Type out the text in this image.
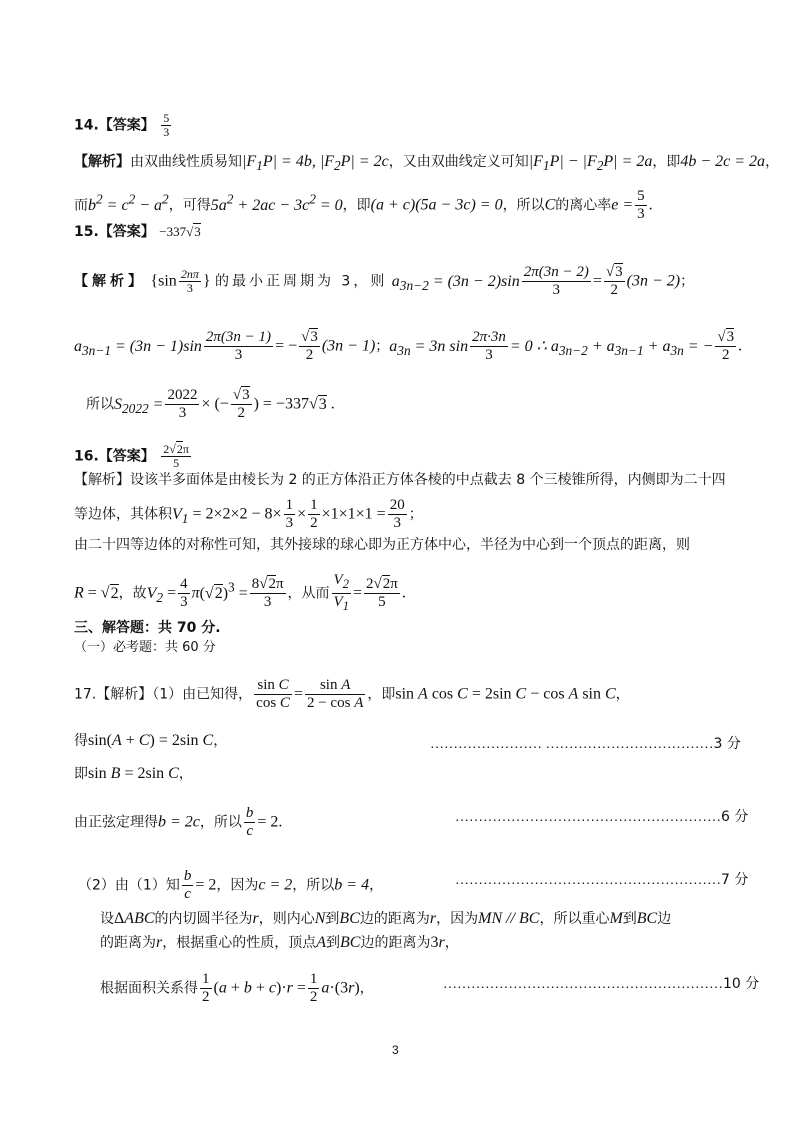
14.【答案】 $\frac{5}{3}$
【解析】由双曲线性质易知$|F_1P| = 4b$, $|F_2P| = 2c$，又由双曲线定义可知$|F_1P| - |F_2P| = 2a$，即4b − 2c = 2a，
而$b^2 = c^2 - a^2$，可得$5a^2 + 2ac - 3c^2 = 0$，即(a + c)(5a − 3c) = 0，所以C的离心率$e = \frac{5}{3}$ .
15.【答案】 −337√3
【解析】 {$\sin \frac{2n\pi}{3}$ } 的最小正周期为 3，则 $a_{3n-2} = (3n - 2)\sin \frac{2\pi(3n - 2)}{3} = \frac{√3}{2} (3n - 2)$；
$a_{3n-1} = (3n - 1)\sin \frac{2\pi(3n - 1)}{3}$ = − $\frac{√3}{2} (3n - 1)$；$a_{3n} = 3n$ $\sin \frac{2\pi\cdot 3n}{3} = 0$ ∴ $a_{3n-2} + a_{3n-1} + a_{3n}$ = − $\frac{√3}{2}$ .
所以$S_{2022} = \frac{2022}{3}$ × (− $\frac{√3}{2}$ ) = −337√3 .
16.【答案】 $\frac{2√2\pi}{5}$
【解析】设该半多面体是由棱长为 2 的正方体沿正方体各棱的中点截去 8 个三棱锥所得，内侧即为二十四
等边体，其体积$V_1 = 2\times 2\times 2 - 8\times \frac{1}{3} \times \frac{1}{2} \times 1\times 1\times 1 = \frac{20}{3}$ ；
由二十四等边体的对称性可知，其外接球的球心即为正方体中心，半径为中心到一个顶点的距离，则
R = √2，故$V_2 = \frac{4}{3} \pi(√2)^3 = \frac{8√2\pi}{3}$ ，从而 $\frac{V_2}{V_1} = \frac{2√2\pi}{5}$ .
三、解答题：共 70 分.
（一）必考题：共 60 分
17.【解析】（1）由已知得， $\frac{\text{sin C}}{\text{cos C}} = \frac{\text{sin A}}{\text{2 − cos A}}$ ，即sin A cos C = 2sin C − cos A sin C，
得sin(A + C) = 2sin C，	…………………… ………………………………3 分
即sin B = 2sin C，
由正弦定理得b = 2c，所以 $\frac{b}{c} = 2$.	…………………………………………………6 分
（2）由（1）知 $\frac{b}{c} = 2$，因为c = 2，所以b = 4，	…………………………………………………7 分
设ΔABC的内切圆半径为r，则内心N到BC边的距离为r，因为MN // BC，所以重心M到BC边
的距离为r，根据重心的性质，顶点A到BC边的距离为3r，
根据面积关系得 $\frac{1}{2} (a + b + c)\cdot r = \frac{1}{2} a\cdot(3r)$，	……………………………………………………10 分
3
